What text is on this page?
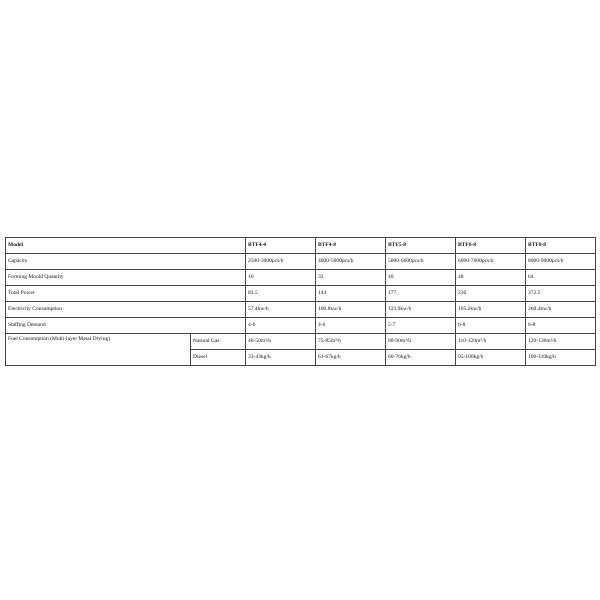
Model		BTF4-4	BTF4-8	BTF5-8	BTF6-8	BTF8-8
Capacity		2500-3000pcs/h	4000-5000pcs/h	5000-6000pcs/h	6000-7000pcs/h	8000-9000pcs/h
Forming Mould Quantity		16	32	40	48	64
Total Power		83.5	144	177	236	372.5
Electricity Consumption		57.4kw/h	100.8kw/h	123.9kw/h	165.2kw/h	260.4kw/h
Staffing Demand		4-6	4-6	5-7	6-8	6-8
Fuel Consumption (Multi-layer Metal Drying)	Natural Gas	40-50m³/h	75-85m³/h	80-90m³/h	110-120m³/h	120-130m³/h
	Diesel	33-43kg/h	61-67kg/h	66-76kg/h	95-100kg/h	100-110kg/h
